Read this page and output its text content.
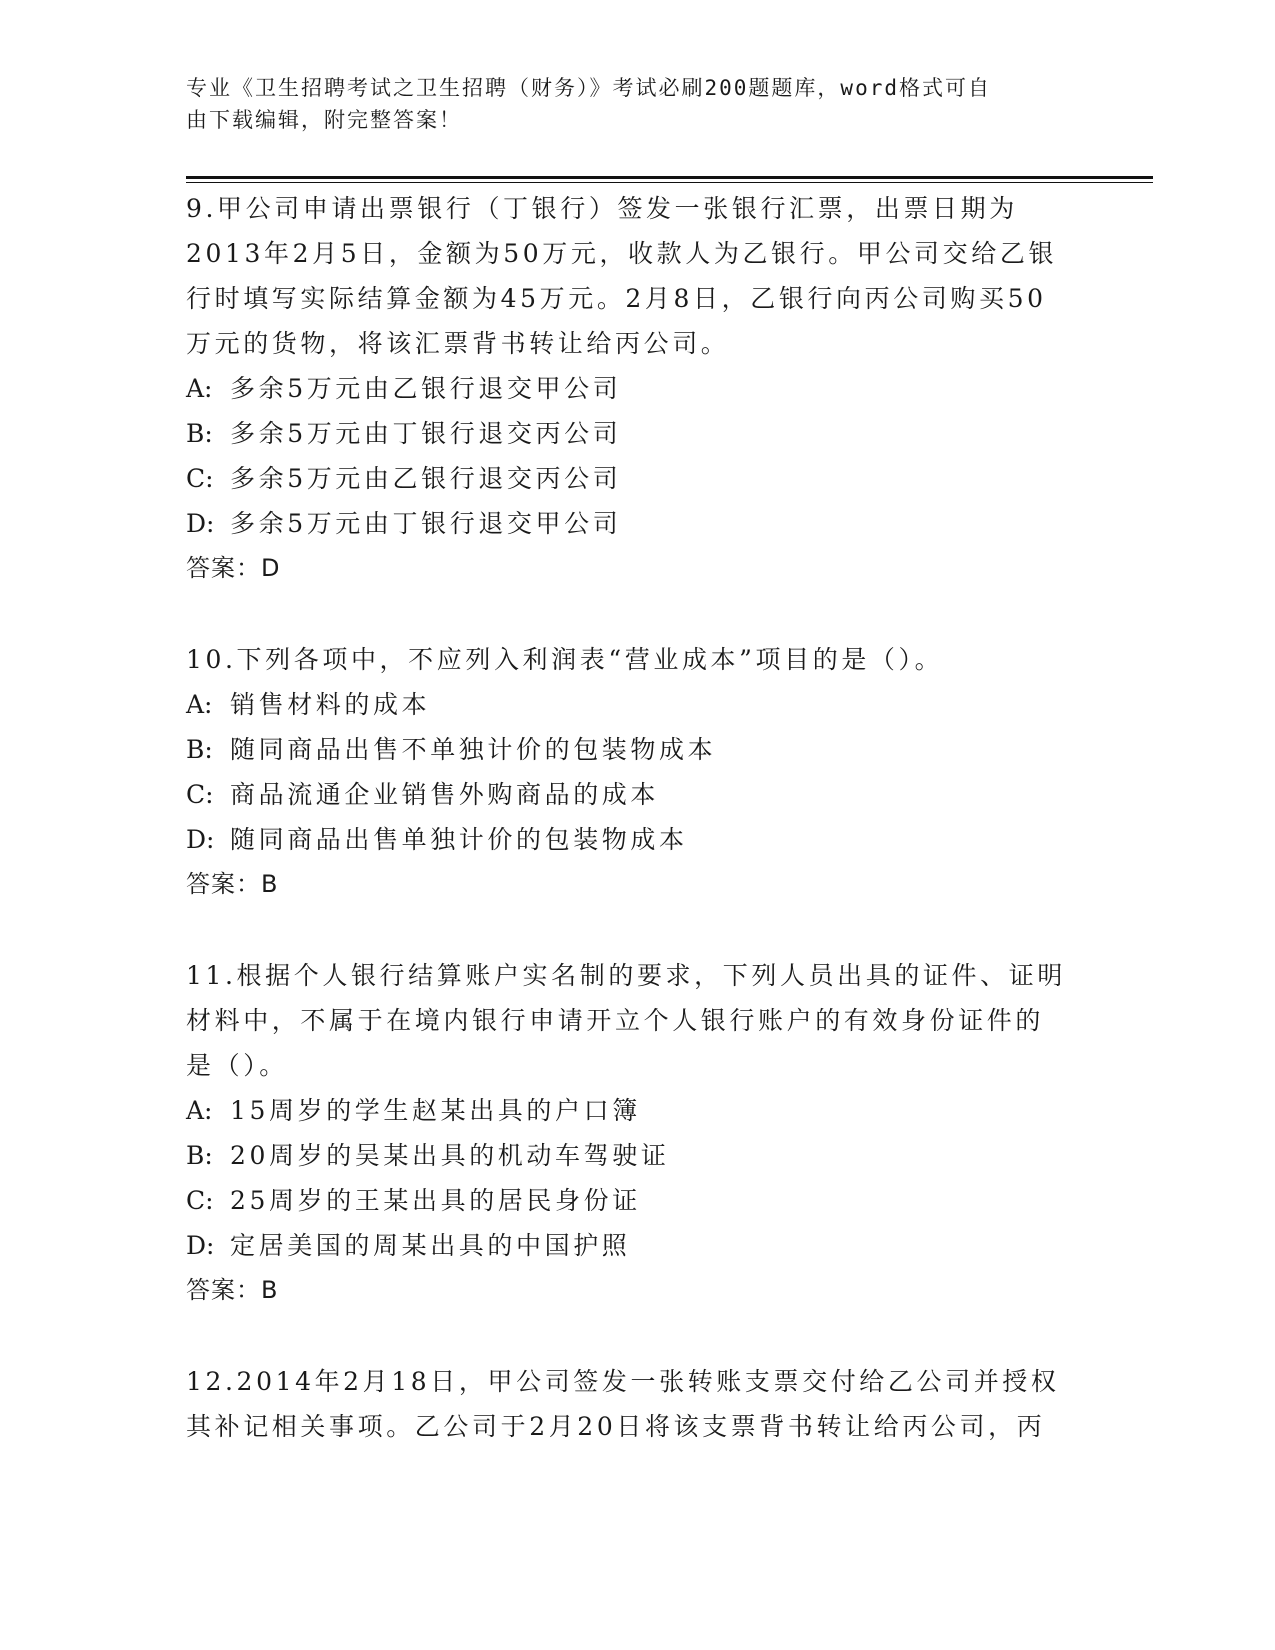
专业《卫生招聘考试之卫生招聘（财务）》考试必刷200题题库，word格式可自
由下载编辑，附完整答案！
9.甲公司申请出票银行（丁银行）签发一张银行汇票，出票日期为
2013年2月5日，金额为50万元，收款人为乙银行。甲公司交给乙银
行时填写实际结算金额为45万元。2月8日，乙银行向丙公司购买50
万元的货物，将该汇票背书转让给丙公司。
A: 多余5万元由乙银行退交甲公司
B: 多余5万元由丁银行退交丙公司
C: 多余5万元由乙银行退交丙公司
D: 多余5万元由丁银行退交甲公司
答案：D
10.下列各项中，不应列入利润表“营业成本”项目的是（）。
A: 销售材料的成本
B: 随同商品出售不单独计价的包装物成本
C: 商品流通企业销售外购商品的成本
D: 随同商品出售单独计价的包装物成本
答案：B
11.根据个人银行结算账户实名制的要求，下列人员出具的证件、证明
材料中，不属于在境内银行申请开立个人银行账户的有效身份证件的
是（）。
A: 15周岁的学生赵某出具的户口簿
B: 20周岁的吴某出具的机动车驾驶证
C: 25周岁的王某出具的居民身份证
D: 定居美国的周某出具的中国护照
答案：B
12.2014年2月18日，甲公司签发一张转账支票交付给乙公司并授权
其补记相关事项。乙公司于2月20日将该支票背书转让给丙公司，丙
